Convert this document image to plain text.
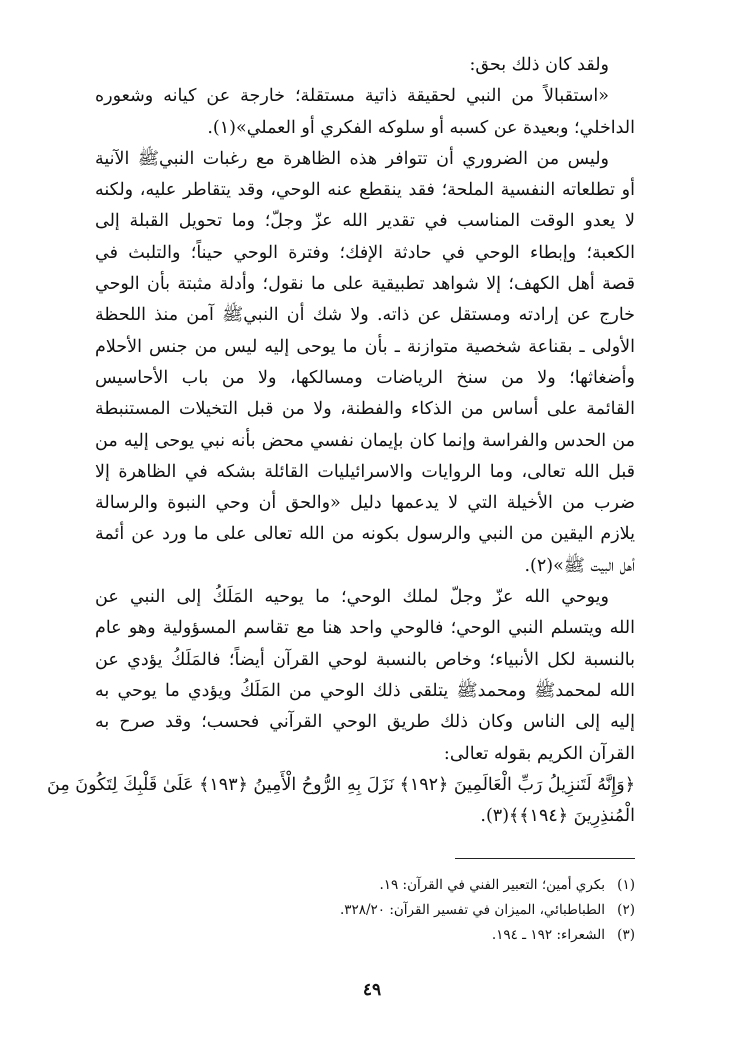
ولقد كان ذلك بحق:
«استقبالاً من النبي لحقيقة ذاتية مستقلة؛ خارجة عن كيانه وشعوره
الداخلي؛ وبعيدة عن كسبه أو سلوكه الفكري أو العملي»(١).
وليس من الضروري أن تتوافر هذه الظاهرة مع رغبات النبيﷺ الآنية
أو تطلعاته النفسية الملحة؛ فقد ينقطع عنه الوحي، وقد يتقاطر عليه، ولكنه
لا يعدو الوقت المناسب في تقدير الله عزّ وجلّ؛ وما تحويل القبلة إلى
الكعبة؛ وإبطاء الوحي في حادثة الإفك؛ وفترة الوحي حيناً؛ والتلبث في
قصة أهل الكهف؛ إلا شواهد تطبيقية على ما نقول؛ وأدلة مثبتة بأن الوحي
خارج عن إرادته ومستقل عن ذاته. ولا شك أن النبيﷺ آمن منذ اللحظة
الأولى ـ بقناعة شخصية متوازنة ـ بأن ما يوحى إليه ليس من جنس الأحلام
وأضغاثها؛ ولا من سنخ الرياضات ومسالكها، ولا من باب الأحاسيس
القائمة على أساس من الذكاء والفطنة، ولا من قبل التخيلات المستنبطة
من الحدس والفراسة وإنما كان بإيمان نفسي محض بأنه نبي يوحى إليه من
قبل الله تعالى، وما الروايات والاسرائيليات القائلة بشكه في الظاهرة إلا
ضرب من الأخيلة التي لا يدعمها دليل «والحق أن وحي النبوة والرسالة
يلازم اليقين من النبي والرسول بكونه من الله تعالى على ما ورد عن أئمة
أهل البيت ﷺ»(٢).
ويوحي الله عزّ وجلّ لملك الوحي؛ ما يوحيه المَلَكُ إلى النبي عن
الله ويتسلم النبي الوحي؛ فالوحي واحد هنا مع تقاسم المسؤولية وهو عام
بالنسبة لكل الأنبياء؛ وخاص بالنسبة لوحي القرآن أيضاً؛ فالمَلَكُ يؤدي عن
الله لمحمدﷺ ومحمدﷺ يتلقى ذلك الوحي من المَلَكُ ويؤدي ما يوحي به
إليه إلى الناس وكان ذلك طريق الوحي القرآني فحسب؛ وقد صرح به
القرآن الكريم بقوله تعالى:
﴿وَإِنَّهُ لَتَنزِيلُ رَبِّ الْعَالَمِينَ ﴿١٩٢﴾ نَزَلَ بِهِ الرُّوحُ الْأَمِينُ ﴿١٩٣﴾ عَلَىٰ قَلْبِكَ لِتَكُونَ مِنَ
الْمُنذِرِينَ ﴿١٩٤﴾﴾(٣).
(١)بكري أمين؛ التعبير الفني في القرآن: ١٩.
(٢)الطباطبائي، الميزان في تفسير القرآن: ٣٢٨/٢٠.
(٣)الشعراء: ١٩٢ ـ ١٩٤.
٤٩
